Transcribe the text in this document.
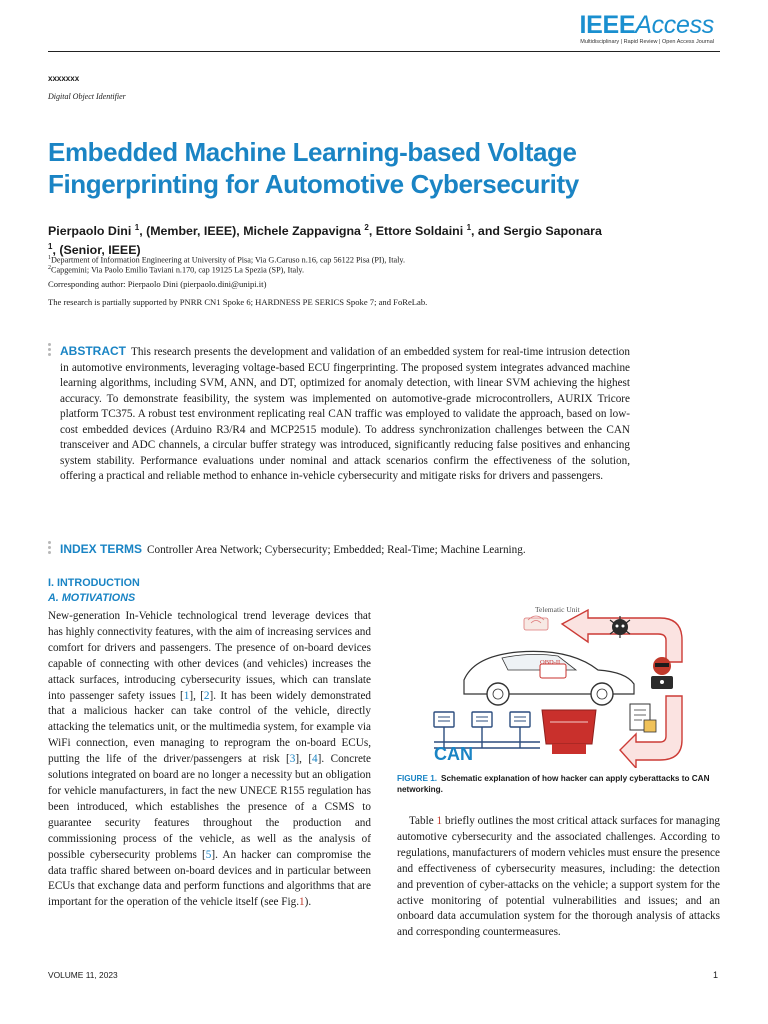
IEEEAccess
Multidisciplinary | Rapid Review | Open Access Journal
xxxxxxx
Digital Object Identifier
Embedded Machine Learning-based Voltage Fingerprinting for Automotive Cybersecurity
Pierpaolo Dini $^1$, (Member, IEEE), Michele Zappavigna $^2$, Ettore Soldaini $^1$, and Sergio Saponara $^1$, (Senior, IEEE)
$^1$Department of Information Engineering at University of Pisa; Via G.Caruso n.16, cap 56122 Pisa (PI), Italy.
$^2$Capgemini; Via Paolo Emilio Taviani n.170, cap 19125 La Spezia (SP), Italy.
Corresponding author: Pierpaolo Dini (pierpaolo.dini@unipi.it)
The research is partially supported by PNRR CN1 Spoke 6; HARDNESS PE SERICS Spoke 7; and FoReLab.
ABSTRACT This research presents the development and validation of an embedded system for real-time intrusion detection in automotive environments, leveraging voltage-based ECU fingerprinting. The proposed system integrates advanced machine learning algorithms, including SVM, ANN, and DT, optimized for anomaly detection, with linear SVM achieving the highest accuracy. To demonstrate feasibility, the system was implemented on automotive-grade microcontrollers, AURIX Tricore platform TC375. A robust test environment replicating real CAN traffic was employed to validate the approach, based on low-cost embedded devices (Arduino R3/R4 and MCP2515 module). To address synchronization challenges between the CAN transceiver and ADC channels, a circular buffer strategy was introduced, significantly reducing false positives and enhancing system stability. Performance evaluations under nominal and attack scenarios confirm the effectiveness of the solution, offering a practical and reliable method to enhance in-vehicle cybersecurity and mitigate risks for drivers and passengers.
INDEX TERMS Controller Area Network; Cybersecurity; Embedded; Real-Time; Machine Learning.
I. INTRODUCTION
A. MOTIVATIONS

New-generation In-Vehicle technological trend leverage devices that has highly connectivity features, with the aim of increasing services and comfort for drivers and passengers. The presence of on-board devices capable of connecting with other devices (and vehicles) increases the attack surfaces, introducing cybersecurity issues, which can translate into passenger safety issues [1], [2]. It has been widely demonstrated that a malicious hacker can take control of the vehicle, directly attacking the telematics unit, or the multimedia system, for example via WiFi connection, even managing to reprogram the on-board ECUs, putting the life of the driver/passengers at risk [3], [4]. Concrete solutions integrated on board are no longer a necessity but an obligation for vehicle manufacturers, in fact the new UNECE R155 regulation has been introduced, which establishes the presence of a CSMS to guarantee security features throughout the production and commissioning process of the vehicle, as well as the analysis of possible cybersecurity problems [5]. An hacker can compromise the data traffic shared between on-board devices and in particular between ECUs that exchange data and perform functions and algorithms that are important for the operation of the vehicle itself (see Fig.1).

Table 1 briefly outlines the most critical attack surfaces for managing automotive cybersecurity and the associated challenges. According to regulations, manufacturers of modern vehicles must ensure the presence and effectiveness of cybersecurity measures, including: the detection and prevention of cyber-attacks on the vehicle; a support system for the active monitoring of potential vulnerabilities and issues; and an onboard data accumulation system for the thorough analysis of attacks and corresponding countermeasures.

Telematic Unit
OBD-II
CAN
FIGURE 1. Schematic explanation of how hacker can apply cyberattacks to CAN networking.
VOLUME 11, 2023	1
